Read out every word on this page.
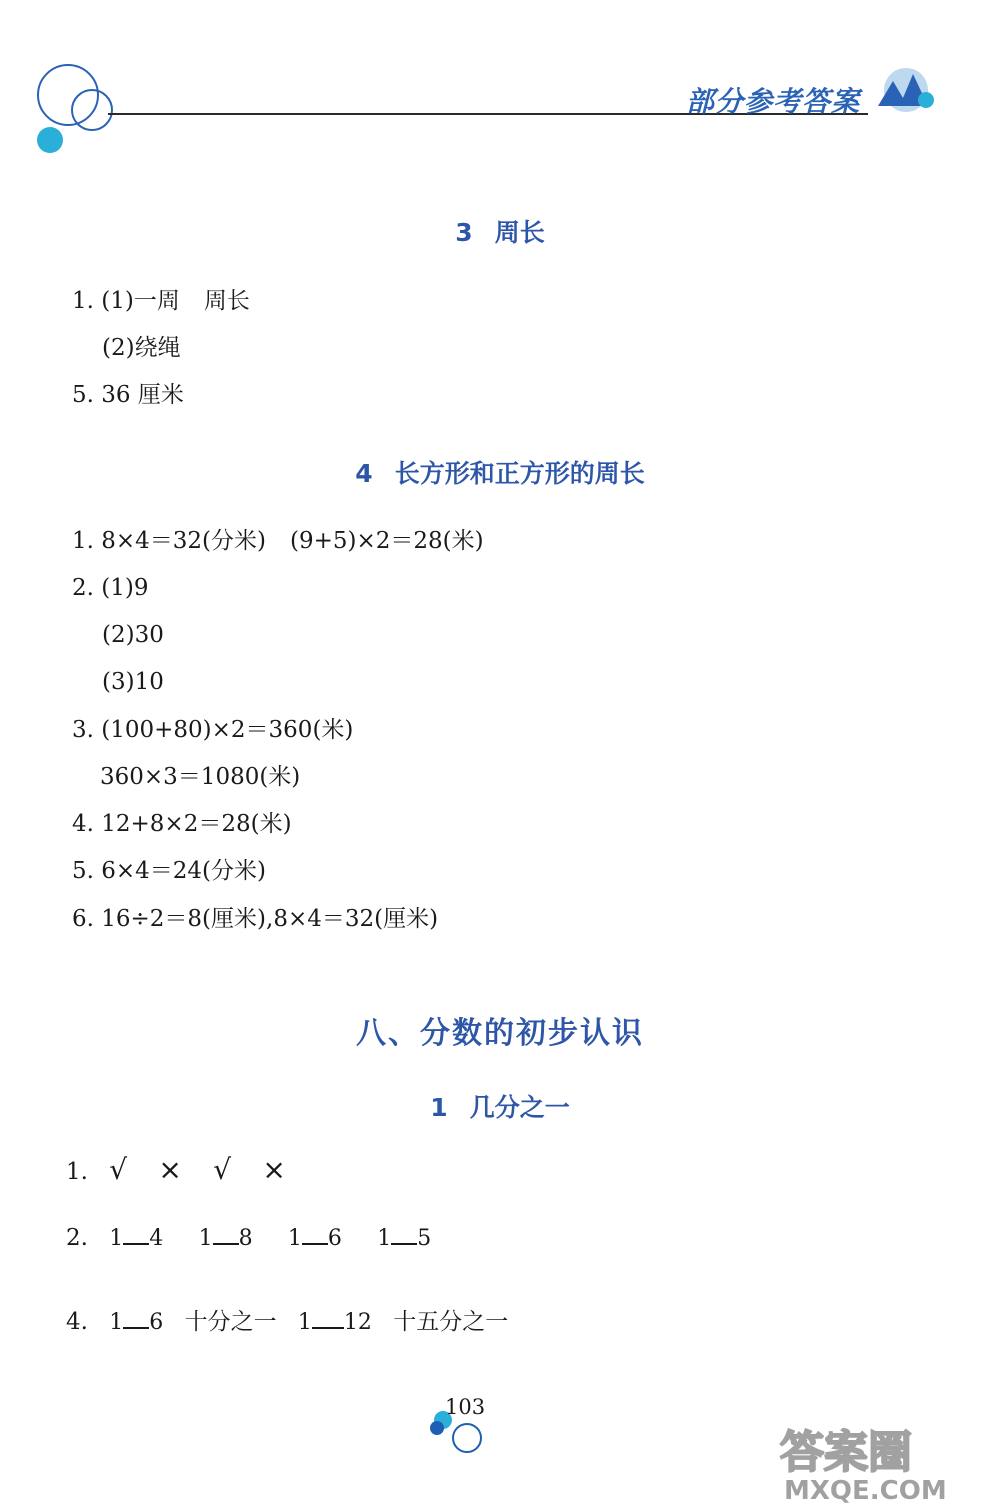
部分参考答案
3 周长
1. (1)一周 周长
(2)绕绳
5. 36 厘米
4 长方形和正方形的周长
1. 8×4＝32(分米) (9+5)×2＝28(米)
2. (1)9
(2)30
(3)10
3. (100+80)×2＝360(米)
360×3＝1080(米)
4. 12+8×2＝28(米)
5. 6×4＝24(分米)
6. 16÷2＝8(厘米),8×4＝32(厘米)
八、分数的初步认识
1 几分之一
1. √ × √ ×
2. 1 4 1 8 1 6 1 5
4. 1 6 十分之一 1 12 十五分之一
103
答案圈
MXQE.COM
